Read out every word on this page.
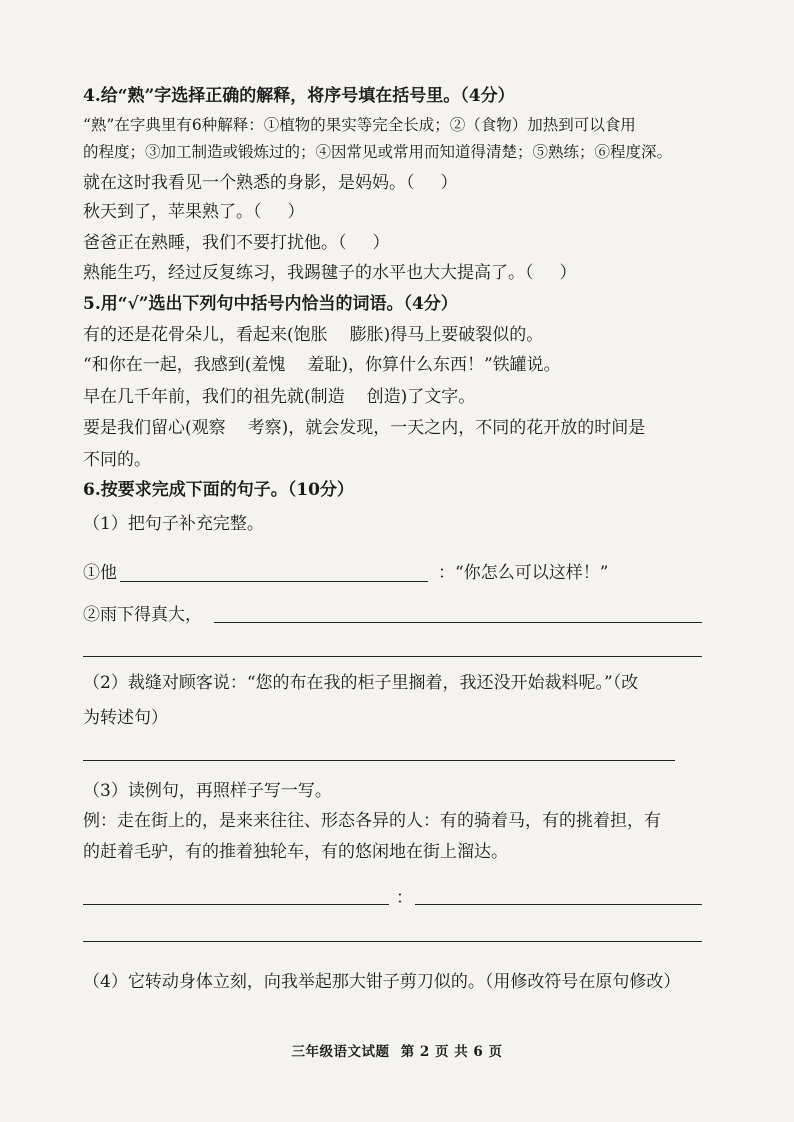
4.给“熟”字选择正确的解释，将序号填在括号里。（4分）
“熟”在字典里有6种解释：①植物的果实等完全长成；②（食物）加热到可以食用
的程度；③加工制造或锻炼过的；④因常见或常用而知道得清楚；⑤熟练；⑥程度深。
就在这时我看见一个熟悉的身影，是妈妈。（ ）
秋天到了，苹果熟了。（ ）
爸爸正在熟睡，我们不要打扰他。（ ）
熟能生巧，经过反复练习，我踢毽子的水平也大大提高了。（ ）
5.用“√”选出下列句中括号内恰当的词语。（4分）
有的还是花骨朵儿，看起来(饱胀 膨胀)得马上要破裂似的。
“和你在一起，我感到(羞愧 羞耻)，你算什么东西！”铁罐说。
早在几千年前，我们的祖先就(制造 创造)了文字。
要是我们留心(观察 考察)，就会发现，一天之内，不同的花开放的时间是
不同的。
6.按要求完成下面的句子。（10分）
（1）把句子补充完整。
①他	：“你怎么可以这样！”
②雨下得真大，
（2）裁缝对顾客说：“您的布在我的柜子里搁着，我还没开始裁料呢。”（改
为转述句）
（3）读例句，再照样子写一写。
例：走在街上的，是来来往往、形态各异的人：有的骑着马，有的挑着担，有
的赶着毛驴，有的推着独轮车，有的悠闲地在街上溜达。
：
（4）它转动身体立刻，向我举起那大钳子剪刀似的。（用修改符号在原句修改）
三年级语文试题 第 2 页 共 6 页
